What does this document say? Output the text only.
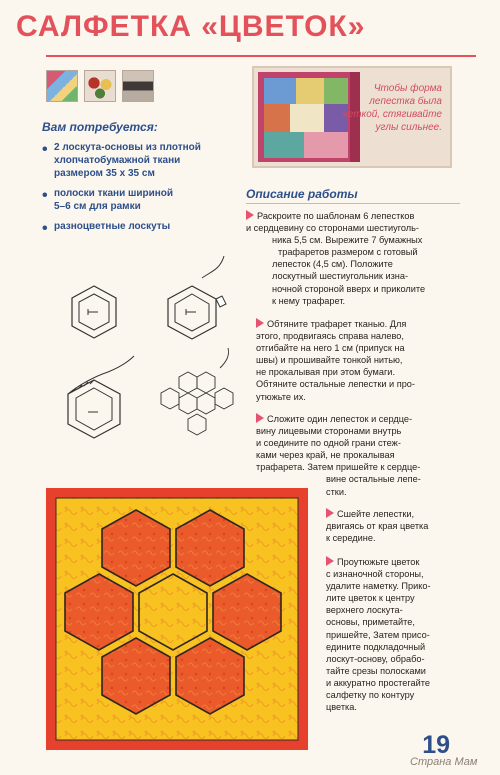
САЛФЕТКА «ЦВЕТОК»
Чтобы форма лепестка была четкой, стягивайте углы сильнее.
Вам потребуется:
• 2 лоскута-основы из плотной
хлопчатобумажной ткани
размером 35 х 35 см
• полоски ткани шириной
5–6 см для рамки
• разноцветные лоскуты
Описание работы
Раскроите по шаблонам 6 лепестков
и сердцевину со сторонами шестиуголь-
ника 5,5 см. Вырежите 7 бумажных
трафаретов размером с готовый
лепесток (4,5 см). Положите
лоскутный шестиугольник изна-
ночной стороной вверх и приколите
к нему трафарет.
Обтяните трафарет тканью. Для
этого, продвигаясь справа налево,
отгибайте на него 1 см (припуск на
швы) и прошивайте тонкой нитью,
не прокалывая при этом бумаги.
Обтяните остальные лепестки и про-
утюжьте их.
Сложите один лепесток и сердце-
вину лицевыми сторонами внутрь
и соедините по одной грани стеж-
ками через край, не прокалывая
трафарета. Затем пришейте к сердце-
вине остальные лепе-
стки.
Сшейте лепестки,
двигаясь от края цветка
к середине.
Проутюжьте цветок
с изнаночной стороны,
удалите наметку. Прико-
лите цветок к центру
верхнего лоскута-
основы, приметайте,
пришейте, Затем присо-
едините подкладочный
лоскут-основу, обрабо-
тайте срезы полосками
и аккуратно простегайте
салфетку по контуру
цветка.
19
Страна Мам
